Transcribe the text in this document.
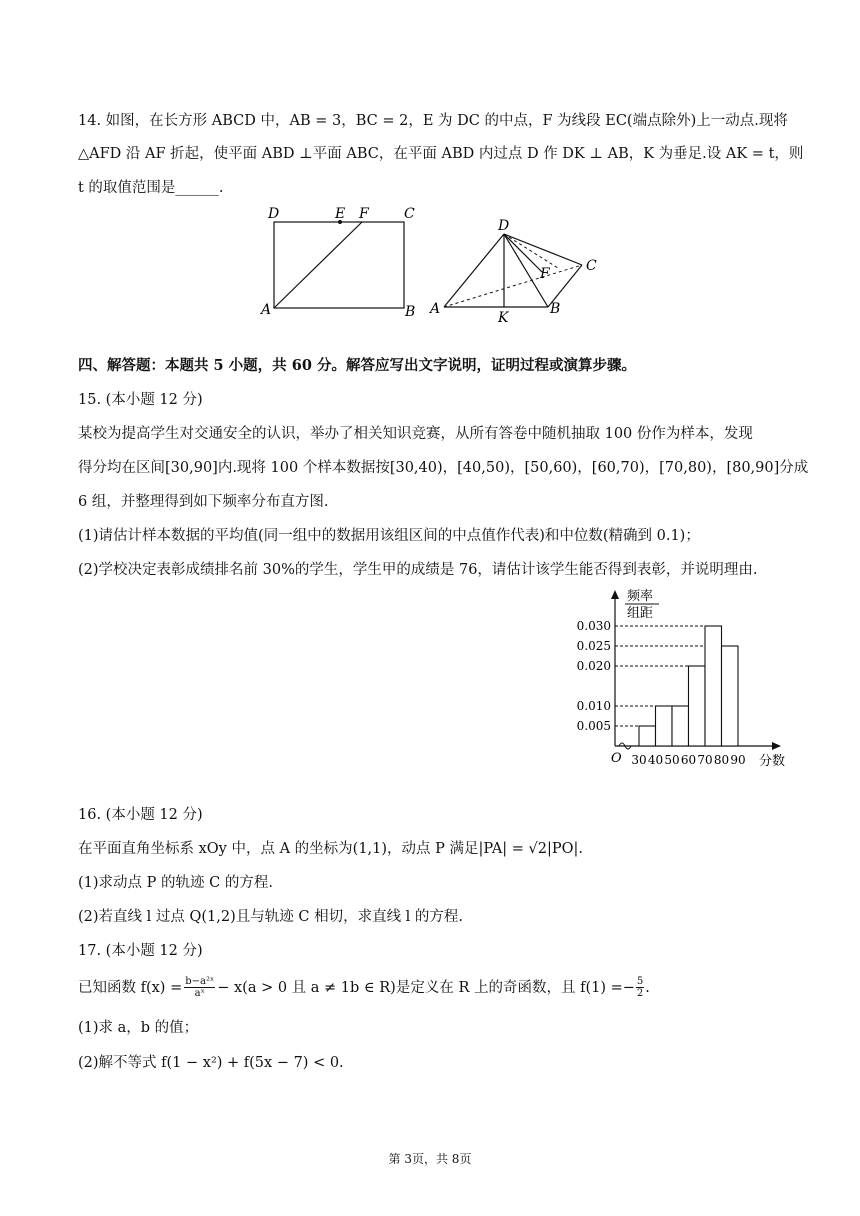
14. 如图，在长方形 ABCD 中，AB = 3，BC = 2，E 为 DC 的中点，F 为线段 EC(端点除外)上一动点.现将
△AFD 沿 AF 折起，使平面 ABD ⊥平面 ABC，在平面 ABD 内过点 D 作 DK ⊥ AB，K 为垂足.设 AK = t，则
t 的取值范围是______.
D	E F	C
A	B
D
C
F
A
K
B
四、解答题：本题共 5 小题，共 60 分。解答应写出文字说明，证明过程或演算步骤。
15. (本小题 12 分)
某校为提高学生对交通安全的认识，举办了相关知识竞赛，从所有答卷中随机抽取 100 份作为样本，发现
得分均在区间[30,90]内.现将 100 个样本数据按[30,40)，[40,50)，[50,60)，[60,70)，[70,80)，[80,90]分成
6 组，并整理得到如下频率分布直方图.
(1)请估计样本数据的平均值(同一组中的数据用该组区间的中点值作代表)和中位数(精确到 0.1)；
(2)学校决定表彰成绩排名前 30%的学生，学生甲的成绩是 76，请估计该学生能否得到表彰，并说明理由.
频率
组距
O	分数
0.030
0.025
0.020
0.010
0.005
30 40 50 60 70 80 90
16. (本小题 12 分)
在平面直角坐标系 xOy 中，点 A 的坐标为(1,1)，动点 P 满足|PA| = √2|PO|.
(1)求动点 P 的轨迹 C 的方程.
(2)若直线 l 过点 Q(1,2)且与轨迹 C 相切，求直线 l 的方程.
17. (本小题 12 分)
已知函数 $f(x) = \frac{\text{b−a²ˣ}}{\text{aˣ}} - x(a > 0$ 且 a ≠ 1b ∈ R)是定义在 R 上的奇函数，且 $f(1) =- \frac{5}{2}$ .
(1)求 a，b 的值；
(2)解不等式 f(1 − x²) + f(5x − 7) < 0.
第 3页，共 8页
